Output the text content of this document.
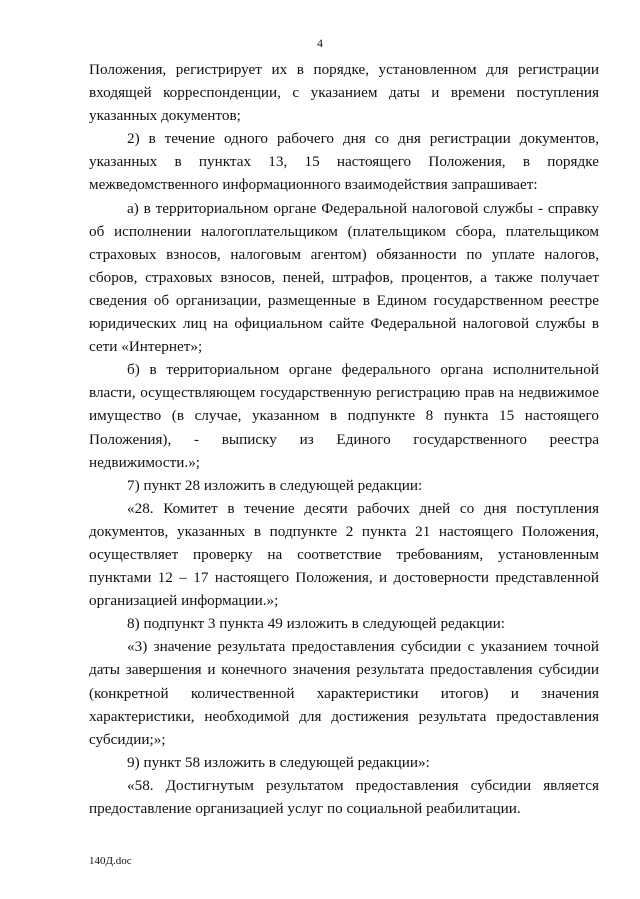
4

Положения, регистрирует их в порядке, установленном для регистрации входящей корреспонденции, с указанием даты и времени поступления указанных документов;

2) в течение одного рабочего дня со дня регистрации документов, указанных в пунктах 13, 15 настоящего Положения, в порядке межведомственного информационного взаимодействия запрашивает:

а) в территориальном органе Федеральной налоговой службы - справку об исполнении налогоплательщиком (плательщиком сбора, плательщиком страховых взносов, налоговым агентом) обязанности по уплате налогов, сборов, страховых взносов, пеней, штрафов, процентов, а также получает сведения об организации, размещенные в Едином государственном реестре юридических лиц на официальном сайте Федеральной налоговой службы в сети «Интернет»;

б) в территориальном органе федерального органа исполнительной власти, осуществляющем государственную регистрацию прав на недвижимое имущество (в случае, указанном в подпункте 8 пункта 15 настоящего Положения), - выписку из Единого государственного реестра недвижимости.»;

7) пункт 28 изложить в следующей редакции:

«28. Комитет в течение десяти рабочих дней со дня поступления документов, указанных в подпункте 2 пункта 21 настоящего Положения, осуществляет проверку на соответствие требованиям, установленным пунктами 12 – 17 настоящего Положения, и достоверности представленной организацией информации.»;

8) подпункт 3 пункта 49 изложить в следующей редакции:

«3) значение результата предоставления субсидии с указанием точной даты завершения и конечного значения результата предоставления субсидии (конкретной количественной характеристики итогов) и значения характеристики, необходимой для достижения результата предоставления субсидии;»;

9) пункт 58 изложить в следующей редакции»:

«58. Достигнутым результатом предоставления субсидии является предоставление организацией услуг по социальной реабилитации.

140Д.doc
